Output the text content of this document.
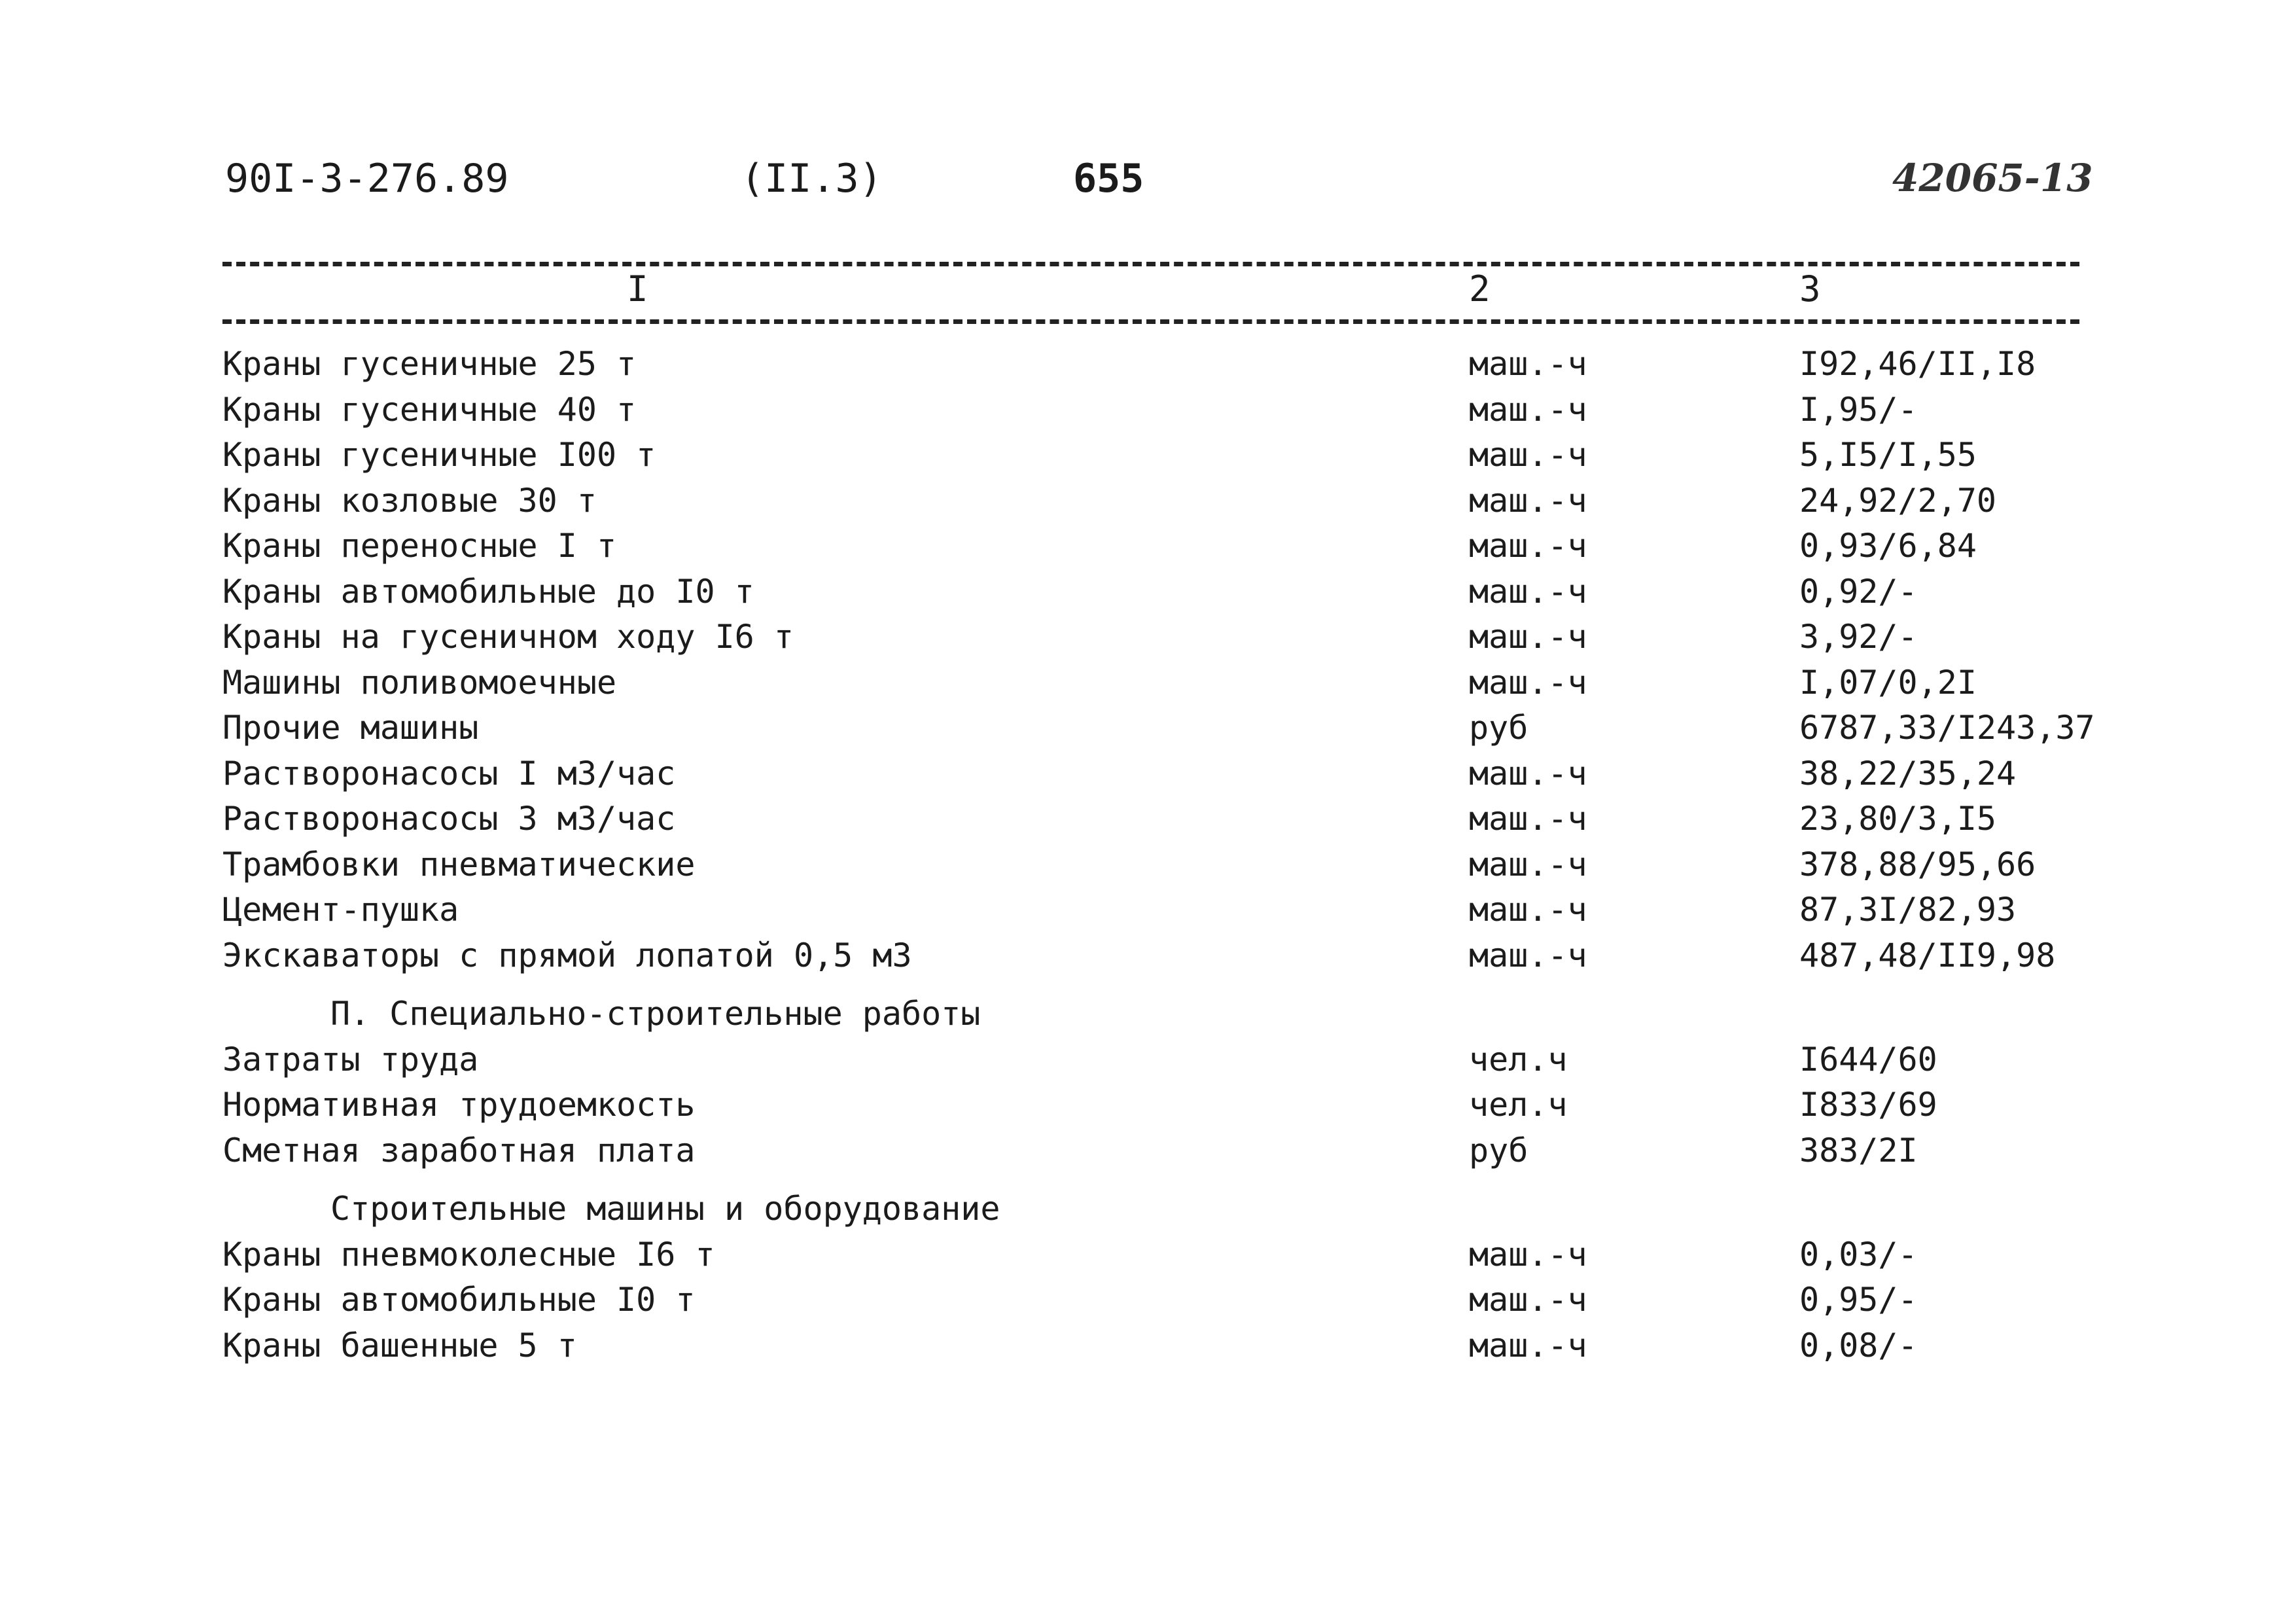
90I-3-276.89	(II.3)	655	42065-13
I	2	3
Краны гусеничные 25 т	маш.-ч	I92,46/II,I8
Краны гусеничные 40 т	маш.-ч	I,95/-
Краны гусеничные I00 т	маш.-ч	5,I5/I,55
Краны козловые 30 т	маш.-ч	24,92/2,70
Краны переносные I т	маш.-ч	0,93/6,84
Краны автомобильные до I0 т	маш.-ч	0,92/-
Краны на гусеничном ходу I6 т	маш.-ч	3,92/-
Машины поливомоечные	маш.-ч	I,07/0,2I
Прочие машины	руб	6787,33/I243,37
Растворонасосы I м3/час	маш.-ч	38,22/35,24
Растворонасосы 3 м3/час	маш.-ч	23,80/3,I5
Трамбовки пневматические	маш.-ч	378,88/95,66
Цемент-пушка	маш.-ч	87,3I/82,93
Экскаваторы с прямой лопатой 0,5 м3	маш.-ч	487,48/II9,98
П. Специально-строительные работы
Затраты труда	чел.ч	I644/60
Нормативная трудоемкость	чел.ч	I833/69
Сметная заработная плата	руб	383/2I
Строительные машины и оборудование
Краны пневмоколесные I6 т	маш.-ч	0,03/-
Краны автомобильные I0 т	маш.-ч	0,95/-
Краны башенные 5 т	маш.-ч	0,08/-
